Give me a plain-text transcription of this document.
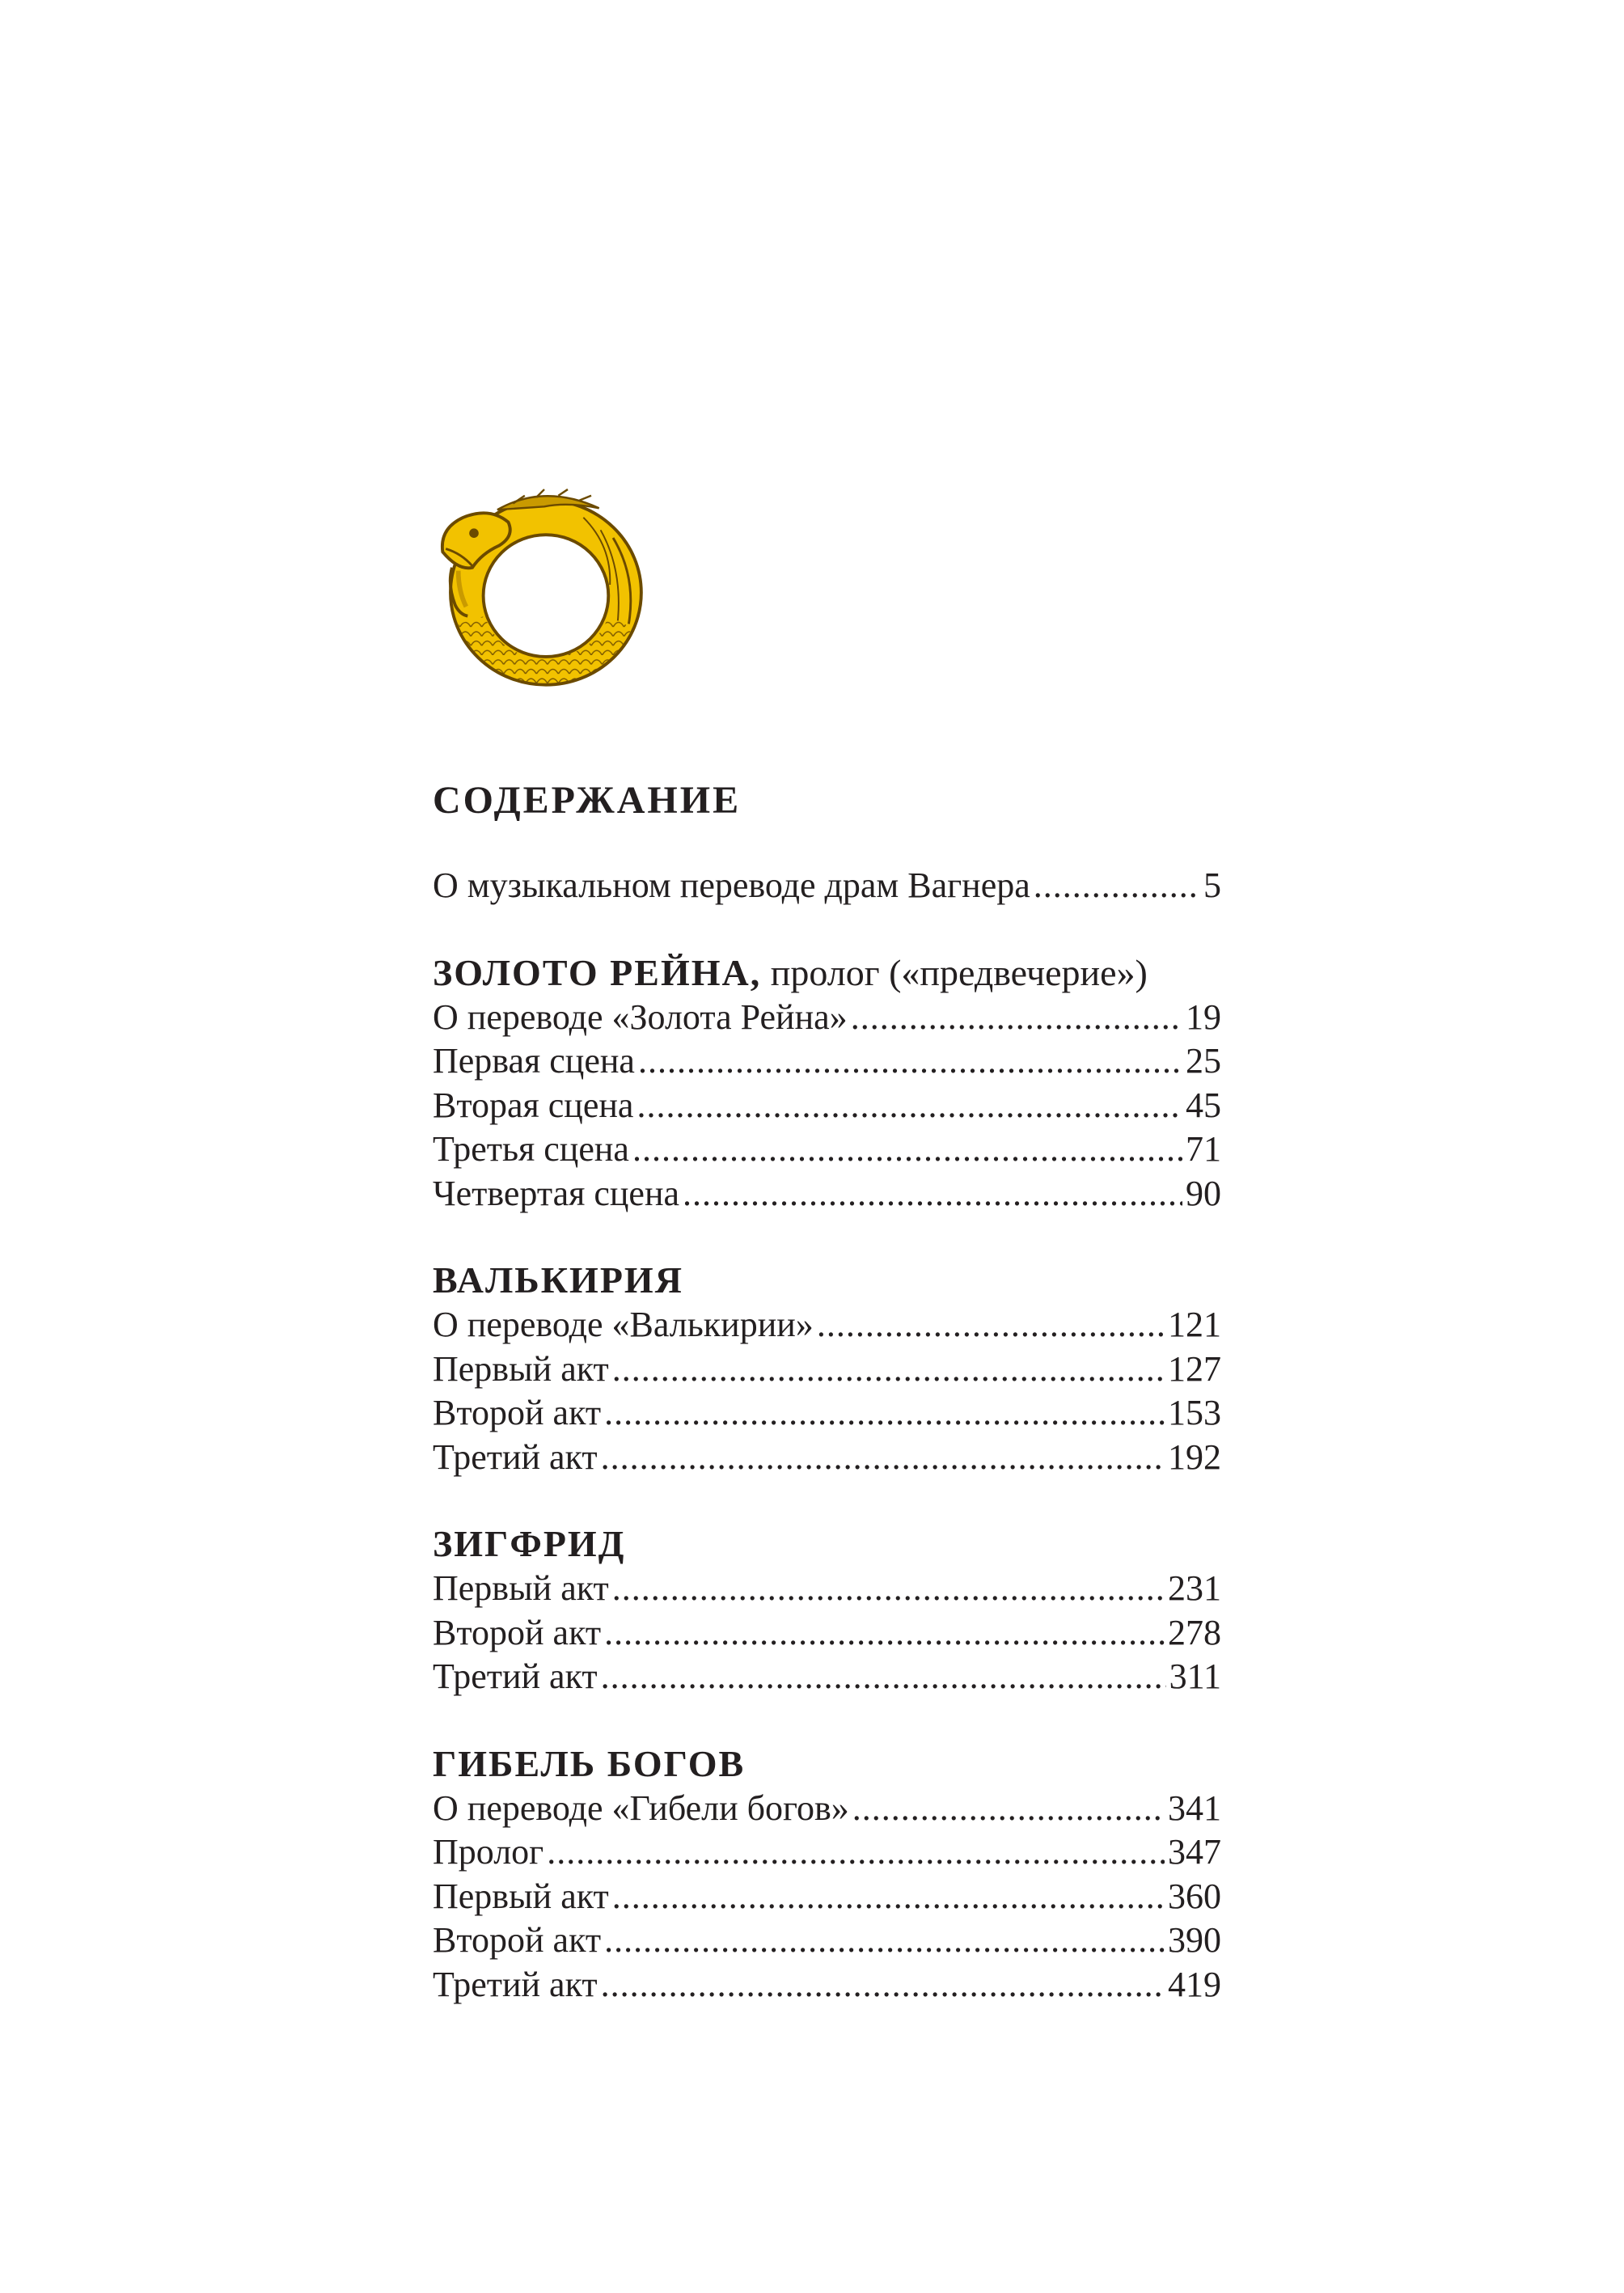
СОДЕРЖАНИЕ
О музыкальном переводе драм Вагнера .....	5
ЗОЛОТО РЕЙНА, пролог («предвечерие»)
О переводе «Золота Рейна» .....	19
Первая сцена .....	25
Вторая сцена .....	45
Третья сцена .....	71
Четвертая сцена .....	90
ВАЛЬКИРИЯ
О переводе «Валькирии» .....	121
Первый акт .....	127
Второй акт .....	153
Третий акт .....	192
ЗИГФРИД
Первый акт .....	231
Второй акт .....	278
Третий акт .....	311
ГИБЕЛЬ БОГОВ
О переводе «Гибели богов» .....	341
Пролог .....	347
Первый акт .....	360
Второй акт .....	390
Третий акт .....	419
